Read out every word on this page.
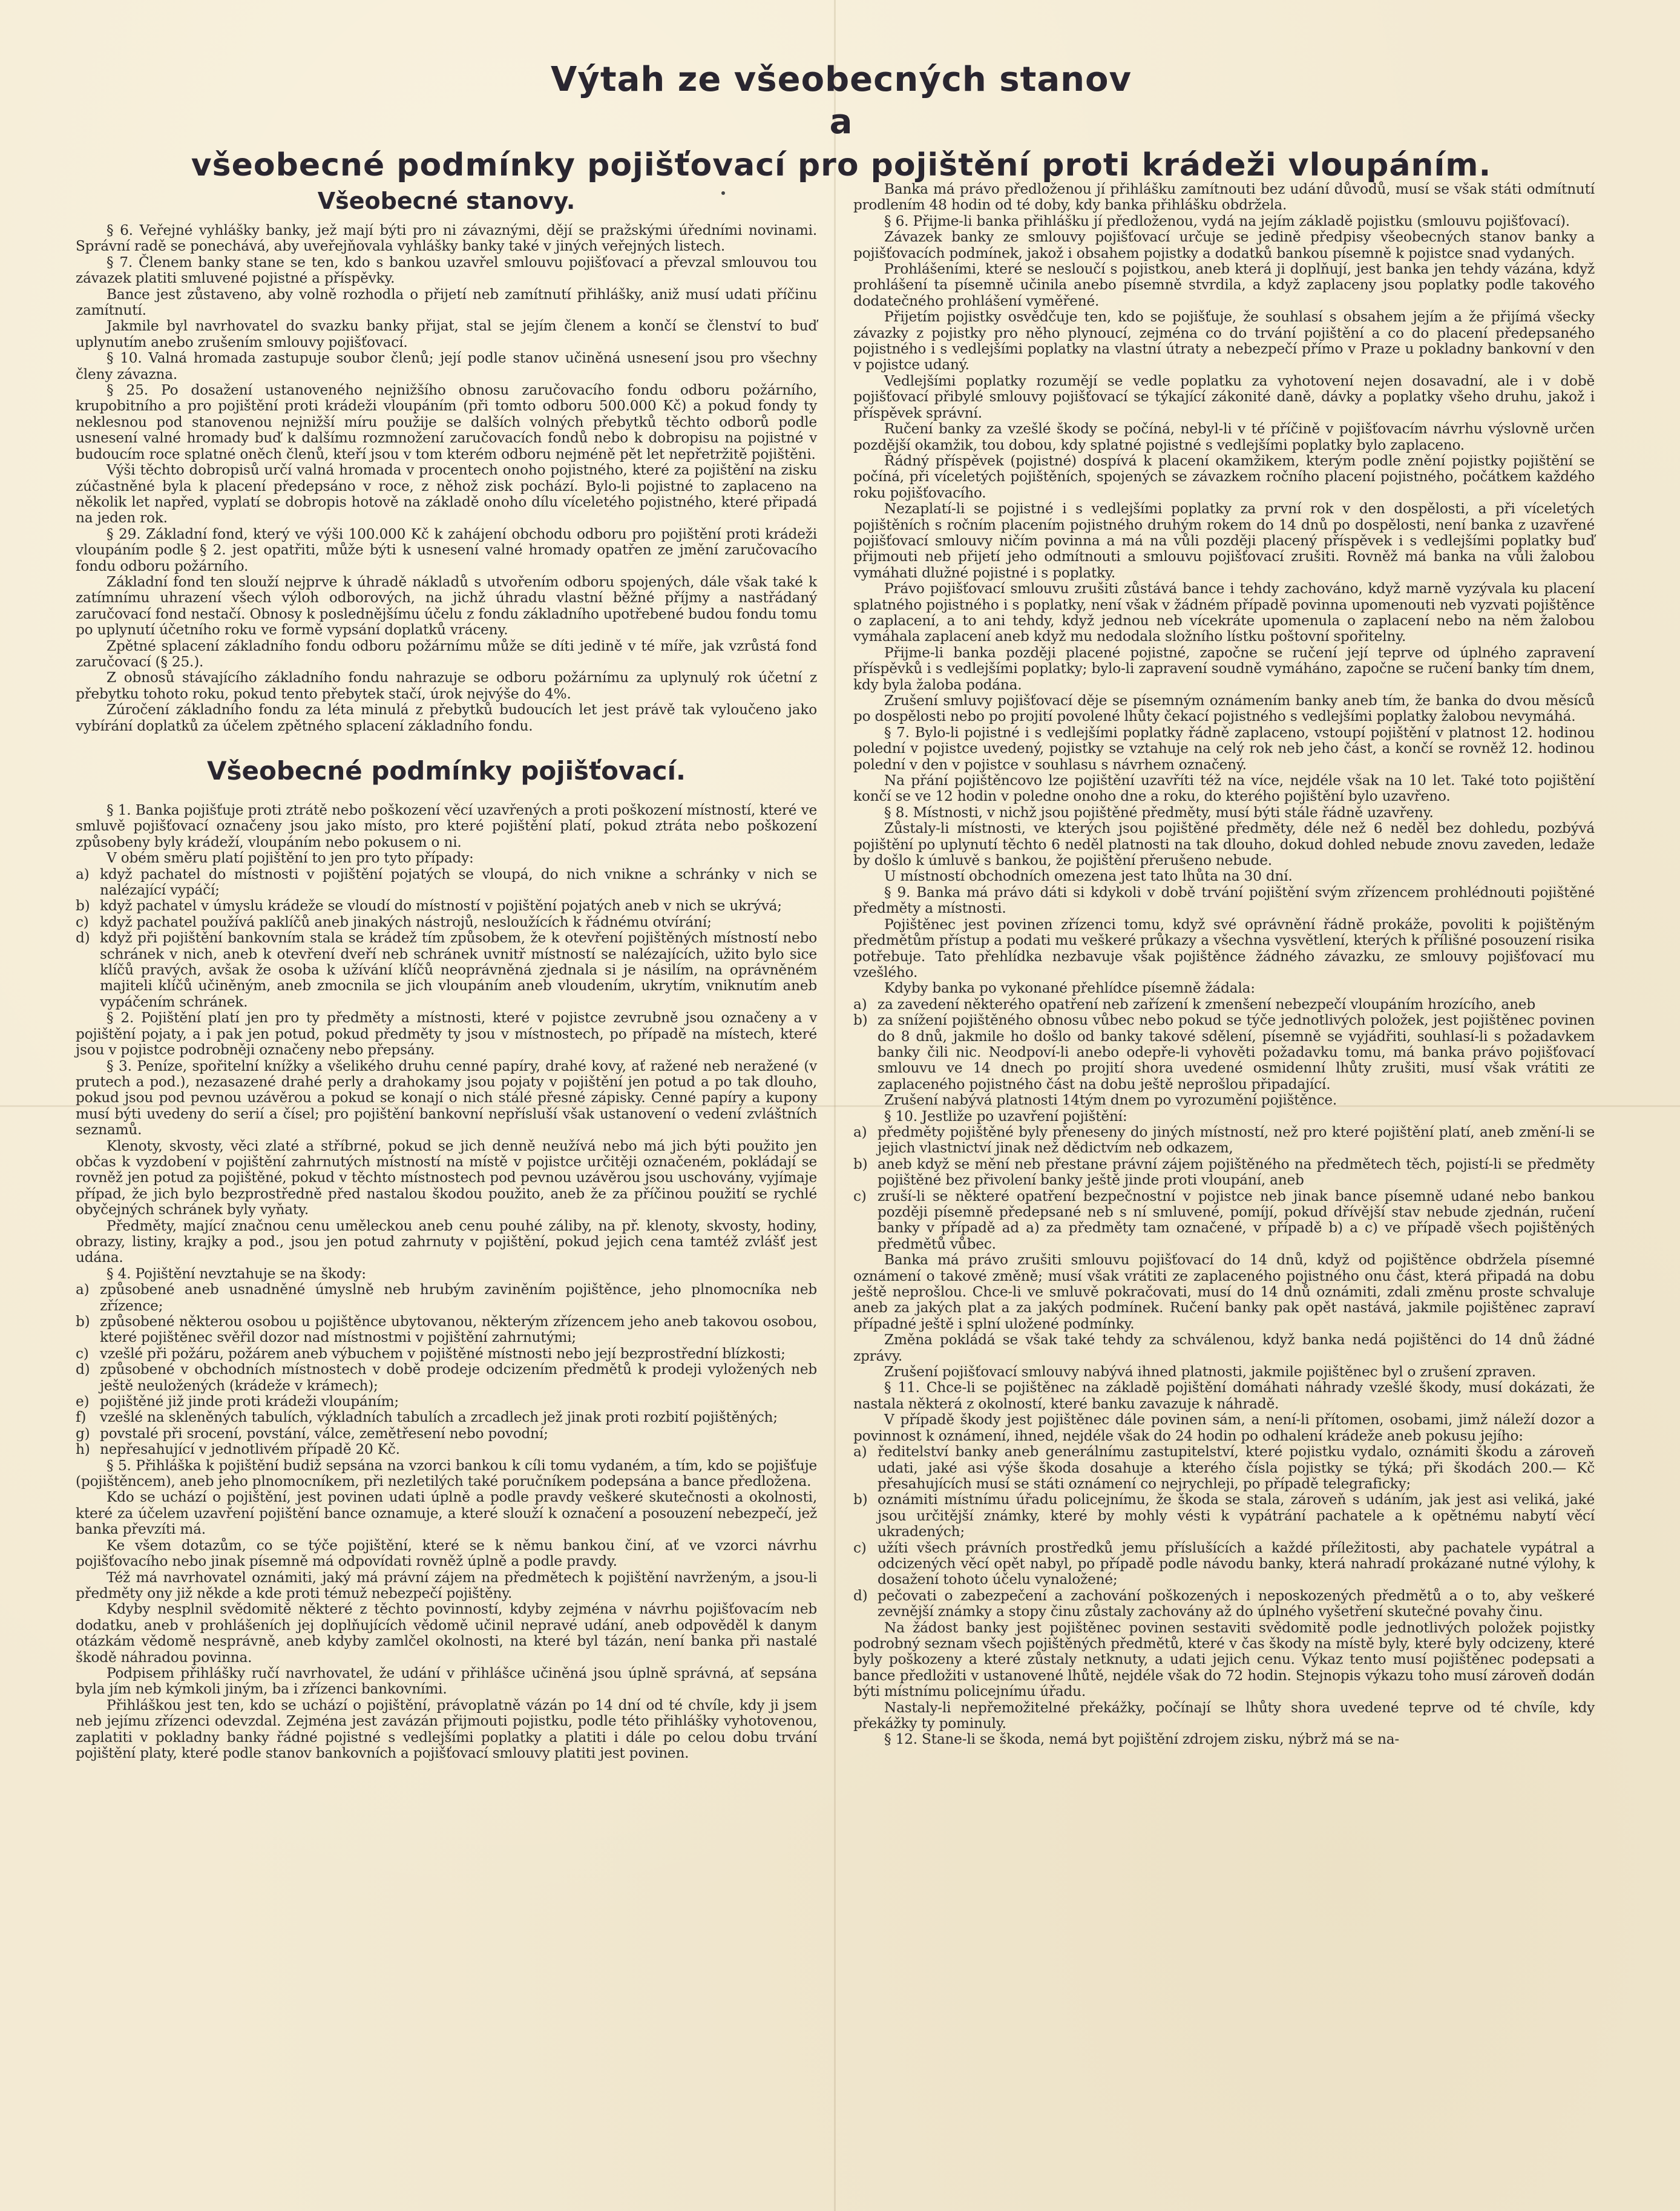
Výtah ze všeobecných stanov
a
všeobecné podmínky pojišťovací pro pojištění proti krádeži vloupáním.
Všeobecné stanovy.

§ 6. Veřejné vyhlášky banky, jež mají býti pro ni závaznými, dějí se pražskými úředními novinami. Správní radě se ponechává, aby uveřejňovala vyhlášky banky také v jiných veřejných listech.

§ 7. Členem banky stane se ten, kdo s bankou uzavřel smlouvu pojišťovací a převzal smlouvou tou závazek platiti smluvené pojistné a příspěvky.

Bance jest zůstaveno, aby volně rozhodla o přijetí neb zamítnutí přihlášky, aniž musí udati příčinu zamítnutí.

Jakmile byl navrhovatel do svazku banky přijat, stal se jejím členem a končí se členství to buď uplynutím anebo zrušením smlouvy pojišťovací.

§ 10. Valná hromada zastupuje soubor členů; její podle stanov učiněná usnesení jsou pro všechny členy závazna.

§ 25. Po dosažení ustanoveného nejnižšího obnosu zaručovacího fondu odboru požárního, krupobitního a pro pojištění proti krádeži vloupáním (při tomto odboru 500.000 Kč) a pokud fondy ty neklesnou pod stanovenou nejnižší míru použije se dalších volných přebytků těchto odborů podle usnesení valné hromady buď k dalšímu rozmnožení zaručovacích fondů nebo k dobropisu na pojistné v budoucím roce splatné oněch členů, kteří jsou v tom kterém odboru nejméně pět let nepřetržitě pojištěni.

Výši těchto dobropisů určí valná hromada v procentech onoho pojistného, které za pojištění na zisku zúčastněné byla k placení předepsáno v roce, z něhož zisk pochází. Bylo-li pojistné to zaplaceno na několik let napřed, vyplatí se dobropis hotově na základě onoho dílu víceletého pojistného, které připadá na jeden rok.

§ 29. Základní fond, který ve výši 100.000 Kč k zahájení obchodu odboru pro pojištění proti krádeži vloupáním podle § 2. jest opatřiti, může býti k usnesení valné hromady opatřen ze jmění zaručovacího fondu odboru požárního.

Základní fond ten slouží nejprve k úhradě nákladů s utvořením odboru spojených, dále však také k zatímnímu uhrazení všech výloh odborových, na jichž úhradu vlastní běžné příjmy a nastřádaný zaručovací fond nestačí. Obnosy k poslednějšímu účelu z fondu základního upotřebené budou fondu tomu po uplynutí účetního roku ve formě vypsání doplatků vráceny.

Zpětné splacení základního fondu odboru požárnímu může se díti jedině v té míře, jak vzrůstá fond zaručovací (§ 25.).

Z obnosů stávajícího základního fondu nahrazuje se odboru požárnímu za uplynulý rok účetní z přebytku tohoto roku, pokud tento přebytek stačí, úrok nejvýše do 4%.

Zúročení základního fondu za léta minulá z přebytků budoucích let jest právě tak vyloučeno jako vybírání doplatků za účelem zpětného splacení základního fondu.

Všeobecné podmínky pojišťovací.

§ 1. Banka pojišťuje proti ztrátě nebo poškození věcí uzavřených a proti poškození místností, které ve smluvě pojišťovací označeny jsou jako místo, pro které pojištění platí, pokud ztráta nebo poškození způsobeny byly krádeží, vloupáním nebo pokusem o ni.

V obém směru platí pojištění to jen pro tyto případy:

a) když pachatel do místnosti v pojištění pojatých se vloupá, do nich vnikne a schránky v nich se nalézající vypáčí;
b) když pachatel v úmyslu krádeže se vloudí do místností v pojištění pojatých aneb v nich se ukrývá;
c) když pachatel používá paklíčů aneb jinakých nástrojů, nesloužících k řádnému otvírání;
d) když při pojištění bankovním stala se krádež tím způsobem, že k otevření pojištěných místností nebo schránek v nich, aneb k otevření dveří neb schránek uvnitř místností se nalézajících, užito bylo sice klíčů pravých, avšak že osoba k užívání klíčů neoprávněná zjednala si je násilím, na oprávněném majiteli klíčů učiněným, aneb zmocnila se jich vloupáním aneb vloudením, ukrytím, vniknutím aneb vypáčením schránek.

§ 2. Pojištění platí jen pro ty předměty a místnosti, které v pojistce zevrubně jsou označeny a v pojištění pojaty, a i pak jen potud, pokud předměty ty jsou v místnostech, po případě na místech, které jsou v pojistce podrobněji označeny nebo přepsány.

§ 3. Peníze, spořitelní knížky a všelikého druhu cenné papíry, drahé kovy, ať ražené neb neražené (v prutech a pod.), nezasazené drahé perly a drahokamy jsou pojaty v pojištění jen potud a po tak dlouho, pokud jsou pod pevnou uzávěrou a pokud se konají o nich stálé přesné zápisky. Cenné papíry a kupony musí býti uvedeny do serií a čísel; pro pojištění bankovní nepřísluší však ustanovení o vedení zvláštních seznamů.

Klenoty, skvosty, věci zlaté a stříbrné, pokud se jich denně neužívá nebo má jich býti použito jen občas k vyzdobení v pojištění zahrnutých místností na místě v pojistce určitěji označeném, pokládají se rovněž jen potud za pojištěné, pokud v těchto místnostech pod pevnou uzávěrou jsou uschovány, vyjímaje případ, že jich bylo bezprostředně před nastalou škodou použito, aneb že za příčinou použití se rychlé obyčejných schránek byly vyňaty.

Předměty, mající značnou cenu uměleckou aneb cenu pouhé záliby, na př. klenoty, skvosty, hodiny, obrazy, listiny, krajky a pod., jsou jen potud zahrnuty v pojištění, pokud jejich cena tamtéž zvlášť jest udána.

§ 4. Pojištění nevztahuje se na škody:

a) způsobené aneb usnadněné úmyslně neb hrubým zaviněním pojištěnce, jeho plnomocníka neb zřízence;
b) způsobené některou osobou u pojištěnce ubytovanou, některým zřízencem jeho aneb takovou osobou, které pojištěnec svěřil dozor nad místnostmi v pojištění zahrnutými;
c) vzešlé při požáru, požárem aneb výbuchem v pojištěné místnosti nebo její bezprostřední blízkosti;
d) způsobené v obchodních místnostech v době prodeje odcizením předmětů k prodeji vyložených neb ještě neuložených (krádeže v krámech);
e) pojištěné již jinde proti krádeži vloupáním;
f) vzešlé na skleněných tabulích, výkladních tabulích a zrcadlech jež jinak proti rozbití pojištěných;
g) povstalé při srocení, povstání, válce, zemětřesení nebo povodní;
h) nepřesahující v jednotlivém případě 20 Kč.

§ 5. Přihláška k pojištění budiž sepsána na vzorci bankou k cíli tomu vydaném, a tím, kdo se pojišťuje (pojištěncem), aneb jeho plnomocníkem, při nezletilých také poručníkem podepsána a bance předložena.

Kdo se uchází o pojištění, jest povinen udati úplně a podle pravdy veškeré skutečnosti a okolnosti, které za účelem uzavření pojištění bance oznamuje, a které slouží k označení a posouzení nebezpečí, jež banka převzíti má.

Ke všem dotazům, co se týče pojištění, které se k němu bankou činí, ať ve vzorci návrhu pojišťovacího nebo jinak písemně má odpovídati rovněž úplně a podle pravdy.

Též má navrhovatel oznámiti, jaký má právní zájem na předmětech k pojištění navrženým, a jsou-li předměty ony již někde a kde proti témuž nebezpečí pojištěny.

Kdyby nesplnil svědomitě některé z těchto povinností, kdyby zejména v návrhu pojišťovacím neb dodatku, aneb v prohlášeních jej doplňujících vědomě učinil nepravé udání, aneb odpověděl k danym otázkám vědomě nesprávně, aneb kdyby zamlčel okolnosti, na které byl tázán, není banka při nastalé škodě náhradou povinna.

Podpisem přihlášky ručí navrhovatel, že udání v přihlášce učiněná jsou úplně správná, ať sepsána byla jím neb kýmkoli jiným, ba i zřízenci bankovními.

Přihláškou jest ten, kdo se uchází o pojištění, právoplatně vázán po 14 dní od té chvíle, kdy ji jsem neb jejímu zřízenci odevzdal. Zejména jest zavázán přijmouti pojistku, podle této přihlášky vyhotovenou, zaplatiti v pokladny banky řádné pojistné s vedlejšími poplatky a platiti i dále po celou dobu trvání pojištění platy, které podle stanov bankovních a pojišťovací smlouvy platiti jest povinen.

Banka má právo předloženou jí přihlášku zamítnouti bez udání důvodů, musí se však státi odmítnutí prodlením 48 hodin od té doby, kdy banka přihlášku obdržela.

§ 6. Přijme-li banka přihlášku jí předloženou, vydá na jejím základě pojistku (smlouvu pojišťovací).

Závazek banky ze smlouvy pojišťovací určuje se jedině předpisy všeobecných stanov banky a pojišťovacích podmínek, jakož i obsahem pojistky a dodatků bankou písemně k pojistce snad vydaných.

Prohlášeními, které se nesloučí s pojistkou, aneb která ji doplňují, jest banka jen tehdy vázána, když prohlášení ta písemně učinila anebo písemně stvrdila, a když zaplaceny jsou poplatky podle takového dodatečného prohlášení vyměřené.

Přijetím pojistky osvědčuje ten, kdo se pojišťuje, že souhlasí s obsahem jejím a že přijímá všecky závazky z pojistky pro něho plynoucí, zejména co do trvání pojištění a co do placení předepsaného pojistného i s vedlejšími poplatky na vlastní útraty a nebezpečí přímo v Praze u pokladny bankovní v den v pojistce udaný.

Vedlejšími poplatky rozumějí se vedle poplatku za vyhotovení nejen dosavadní, ale i v době pojišťovací přibylé smlouvy pojišťovací se týkající zákonité daně, dávky a poplatky všeho druhu, jakož i příspěvek správní.

Ručení banky za vzešlé škody se počíná, nebyl-li v té příčině v pojišťovacím návrhu výslovně určen pozdější okamžik, tou dobou, kdy splatné pojistné s vedlejšími poplatky bylo zaplaceno.

Řádný příspěvek (pojistné) dospívá k placení okamžikem, kterým podle znění pojistky pojištění se počíná, při víceletých pojištěních, spojených se závazkem ročního placení pojistného, počátkem každého roku pojišťovacího.

Nezaplatí-li se pojistné i s vedlejšími poplatky za první rok v den dospělosti, a při víceletých pojištěních s ročním placením pojistného druhým rokem do 14 dnů po dospělosti, není banka z uzavřené pojišťovací smlouvy ničím povinna a má na vůli později placený příspěvek i s vedlejšími poplatky buď přijmouti neb přijetí jeho odmítnouti a smlouvu pojišťovací zrušiti. Rovněž má banka na vůli žalobou vymáhati dlužné pojistné i s poplatky.

Právo pojišťovací smlouvu zrušiti zůstává bance i tehdy zachováno, když marně vyzývala ku placení splatného pojistného i s poplatky, není však v žádném případě povinna upomenouti neb vyzvati pojištěnce o zaplacení, a to ani tehdy, když jednou neb vícekráte upomenula o zaplacení nebo na něm žalobou vymáhala zaplacení aneb když mu nedodala složního lístku poštovní spořitelny.

Přijme-li banka později placené pojistné, započne se ručení její teprve od úplného zapravení příspěvků i s vedlejšími poplatky; bylo-li zapravení soudně vymáháno, započne se ručení banky tím dnem, kdy byla žaloba podána.

Zrušení smluvy pojišťovací děje se písemným oznámením banky aneb tím, že banka do dvou měsíců po dospělosti nebo po projití povolené lhůty čekací pojistného s vedlejšími poplatky žalobou nevymáhá.

§ 7. Bylo-li pojistné i s vedlejšími poplatky řádně zaplaceno, vstoupí pojištění v platnost 12. hodinou polední v pojistce uvedený, pojistky se vztahuje na celý rok neb jeho část, a končí se rovněž 12. hodinou polední v den v pojistce v souhlasu s návrhem označený.

Na přání pojištěncovo lze pojištění uzavříti též na více, nejdéle však na 10 let. Také toto pojištění končí se ve 12 hodin v poledne onoho dne a roku, do kterého pojištění bylo uzavřeno.

§ 8. Místnosti, v nichž jsou pojištěné předměty, musí býti stále řádně uzavřeny.

Zůstaly-li místnosti, ve kterých jsou pojištěné předměty, déle než 6 neděl bez dohledu, pozbývá pojištění po uplynutí těchto 6 neděl platnosti na tak dlouho, dokud dohled nebude znovu zaveden, ledaže by došlo k úmluvě s bankou, že pojištění přerušeno nebude.

U místností obchodních omezena jest tato lhůta na 30 dní.

§ 9. Banka má právo dáti si kdykoli v době trvání pojištění svým zřízencem prohlédnouti pojištěné předměty a místnosti.

Pojištěnec jest povinen zřízenci tomu, když své oprávnění řádně prokáže, povoliti k pojištěným předmětům přístup a podati mu veškeré průkazy a všechna vysvětlení, kterých k přílišné posouzení risika potřebuje. Tato přehlídka nezbavuje však pojištěnce žádného závazku, ze smlouvy pojišťovací mu vzešlého.

Kdyby banka po vykonané přehlídce písemně žádala:

a) za zavedení některého opatření neb zařízení k zmenšení nebezpečí vloupáním hrozícího, aneb
b) za snížení pojištěného obnosu vůbec nebo pokud se týče jednotlivých položek, jest pojištěnec povinen do 8 dnů, jakmile ho došlo od banky takové sdělení, písemně se vyjádřiti, souhlasí-li s požadavkem banky čili nic. Neodpoví-li anebo odepře-li vyhověti požadavku tomu, má banka právo pojišťovací smlouvu ve 14 dnech po projití shora uvedené osmidenní lhůty zrušiti, musí však vrátiti ze zaplaceného pojistného část na dobu ještě neprošlou připadající.

Zrušení nabývá platnosti 14tým dnem po vyrozumění pojištěnce.

§ 10. Jestliže po uzavření pojištění:

a) předměty pojištěné byly přeneseny do jiných místností, než pro které pojištění platí, aneb změní-li se jejich vlastnictví jinak než dědictvím neb odkazem,
b) aneb když se mění neb přestane právní zájem pojištěného na předmětech těch, pojistí-li se předměty pojištěné bez přivolení banky ještě jinde proti vloupání, aneb
c) zruší-li se některé opatření bezpečnostní v pojistce neb jinak bance písemně udané nebo bankou později písemně předepsané neb s ní smluvené, pomíjí, pokud dřívější stav nebude zjednán, ručení banky v případě ad a) za předměty tam označené, v případě b) a c) ve případě všech pojištěných předmětů vůbec.

Banka má právo zrušiti smlouvu pojišťovací do 14 dnů, když od pojištěnce obdržela písemné oznámení o takové změně; musí však vrátiti ze zaplaceného pojistného onu část, která připadá na dobu ještě neprošlou. Chce-li ve smluvě pokračovati, musí do 14 dnů oznámiti, zdali změnu proste schvaluje aneb za jakých plat a za jakých podmínek. Ručení banky pak opět nastává, jakmile pojištěnec zapraví případné ještě i splní uložené podmínky.

Změna pokládá se však také tehdy za schválenou, když banka nedá pojištěnci do 14 dnů žádné zprávy.

Zrušení pojišťovací smlouvy nabývá ihned platnosti, jakmile pojištěnec byl o zrušení zpraven.

§ 11. Chce-li se pojištěnec na základě pojištění domáhati náhrady vzešlé škody, musí dokázati, že nastala některá z okolností, které banku zavazuje k náhradě.

V případě škody jest pojištěnec dále povinen sám, a není-li přítomen, osobami, jimž náleží dozor a povinnost k oznámení, ihned, nejdéle však do 24 hodin po odhalení krádeže aneb pokusu jejího:

a) ředitelství banky aneb generálnímu zastupitelství, které pojistku vydalo, oznámiti škodu a zároveň udati, jaké asi výše škoda dosahuje a kterého čísla pojistky se týká; při škodách 200.— Kč přesahujících musí se státi oznámení co nejrychleji, po případě telegraficky;
b) oznámiti místnímu úřadu policejnímu, že škoda se stala, zároveň s udáním, jak jest asi veliká, jaké jsou určitější známky, které by mohly vésti k vypátrání pachatele a k opětnému nabytí věcí ukradených;
c) užíti všech právních prostředků jemu příslušících a každé příležitosti, aby pachatele vypátral a odcizených věcí opět nabyl, po případě podle návodu banky, která nahradí prokázané nutné výlohy, k dosažení tohoto účelu vynaložené;
d) pečovati o zabezpečení a zachování poškozených i neposkozených předmětů a o to, aby veškeré zevnější známky a stopy činu zůstaly zachovány až do úplného vyšetření skutečné povahy činu.

Na žádost banky jest pojištěnec povinen sestaviti svědomitě podle jednotlivých položek pojistky podrobný seznam všech pojištěných předmětů, které v čas škody na místě byly, které byly odcizeny, které byly poškozeny a které zůstaly netknuty, a udati jejich cenu. Výkaz tento musí pojištěnec podepsati a bance předložiti v ustanovené lhůtě, nejdéle však do 72 hodin. Stejnopis výkazu toho musí zároveň dodán býti místnímu policejnímu úřadu.

Nastaly-li nepřemožitelné překážky, počínají se lhůty shora uvedené teprve od té chvíle, kdy překážky ty pominuly.

§ 12. Stane-li se škoda, nemá byt pojištění zdrojem zisku, nýbrž má se na-
